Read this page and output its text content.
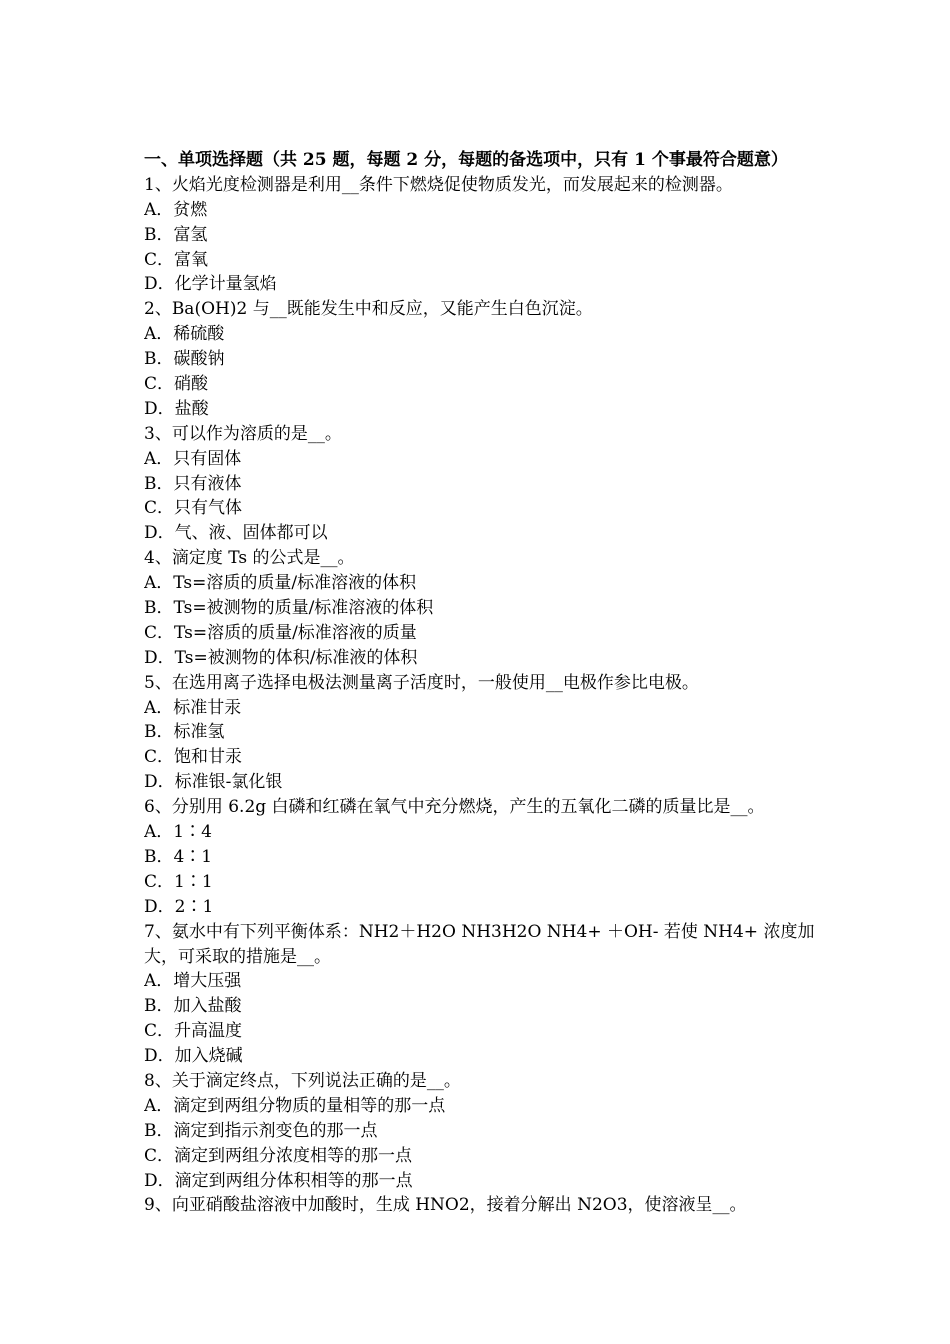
一、单项选择题（共 25 题，每题 2 分，每题的备选项中，只有 1 个事最符合题意）
1、火焰光度检测器是利用__条件下燃烧促使物质发光，而发展起来的检测器。
A．贫燃
B．富氢
C．富氧
D．化学计量氢焰
2、Ba(OH)2 与__既能发生中和反应，又能产生白色沉淀。
A．稀硫酸
B．碳酸钠
C．硝酸
D．盐酸
3、可以作为溶质的是__。
A．只有固体
B．只有液体
C．只有气体
D．气、液、固体都可以
4、滴定度 Ts 的公式是__。
A．Ts=溶质的质量/标准溶液的体积
B．Ts=被测物的质量/标准溶液的体积
C．Ts=溶质的质量/标准溶液的质量
D．Ts=被测物的体积/标准液的体积
5、在选用离子选择电极法测量离子活度时，一般使用__电极作参比电极。
A．标准甘汞
B．标准氢
C．饱和甘汞
D．标准银-氯化银
6、分别用 6.2g 白磷和红磷在氧气中充分燃烧，产生的五氧化二磷的质量比是__。
A．1∶4
B．4∶1
C．1∶1
D．2∶1
7、氨水中有下列平衡体系：NH2＋H2O NH3H2O NH4+ ＋OH- 若使 NH4+ 浓度加大，可采取的措施是__。
A．增大压强
B．加入盐酸
C．升高温度
D．加入烧碱
8、关于滴定终点，下列说法正确的是__。
A．滴定到两组分物质的量相等的那一点
B．滴定到指示剂变色的那一点
C．滴定到两组分浓度相等的那一点
D．滴定到两组分体积相等的那一点
9、向亚硝酸盐溶液中加酸时，生成 HNO2，接着分解出 N2O3，使溶液呈__。
